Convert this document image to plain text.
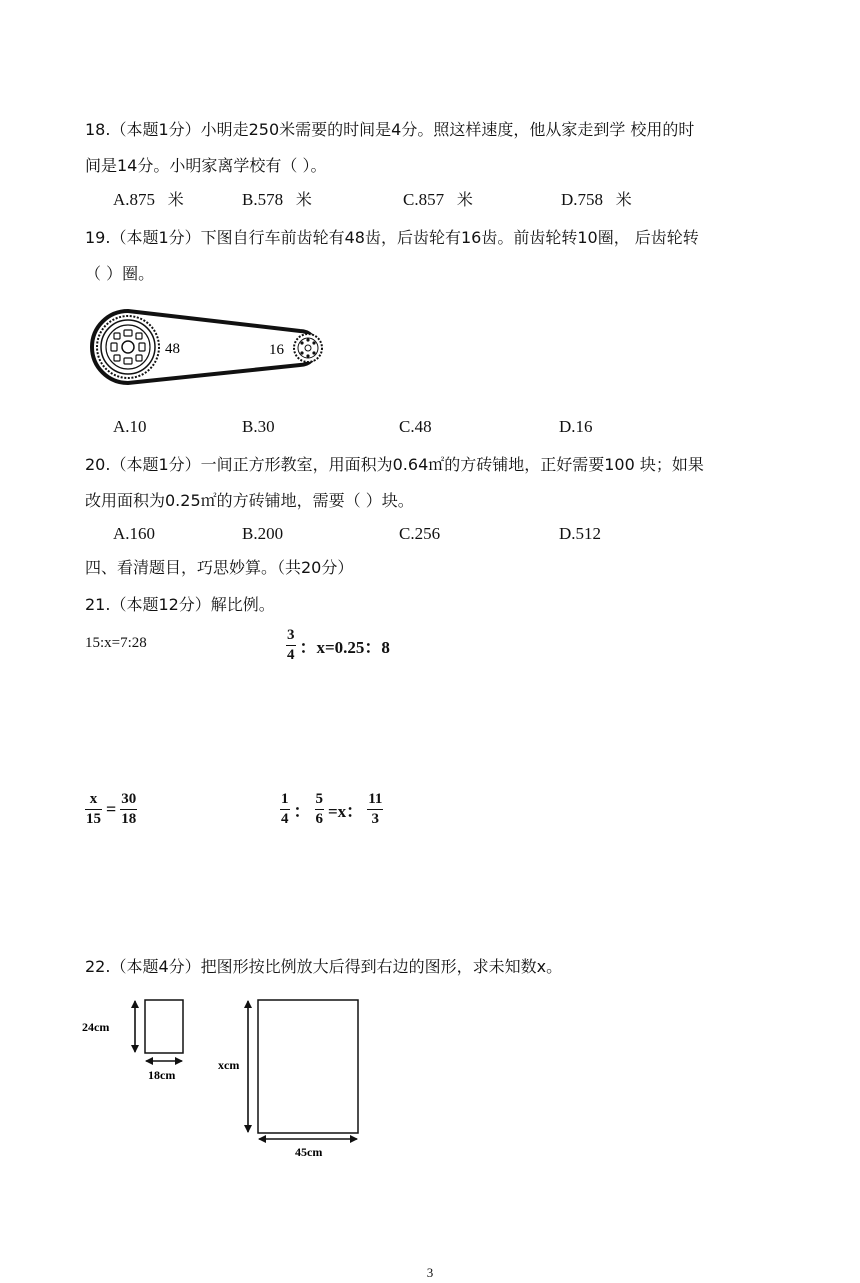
18.（本题1分）小明走250米需要的时间是4分。照这样速度，他从家走到学 校用的时
间是14分。小明家离学校有（ ）。
A.875 米	B.578 米	C.857 米	D.758 米
19.（本题1分）下图自行车前齿轮有48齿，后齿轮有16齿。前齿轮转10圈， 后齿轮转
（ ）圈。
48	16
A.10	B.30	C.48	D.16
20.（本题1分）一间正方形教室，用面积为0.64㎡的方砖铺地，正好需要100 块；如果
改用面积为0.25㎡的方砖铺地，需要（ ）块。
A.160	B.200	C.256	D.512
四、看清题目，巧思妙算。（共20分）
21.（本题12分）解比例。
15:x=7:28	$\frac{3}{4}$ ：x=0.25：8
$\frac{x}{15} = \frac{30}{18}$	$\frac{1}{4}$ ： $\frac{5}{6} =x$： $\frac{11}{3}$
22.（本题4分）把图形按比例放大后得到右边的图形，求未知数x。
24cm
18cm
xcm
45cm
3
